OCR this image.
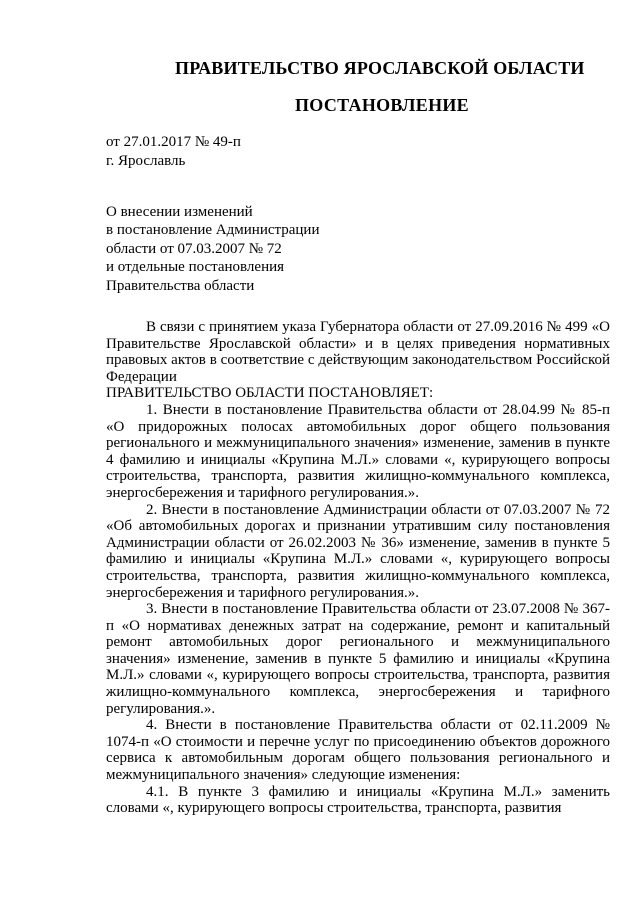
ПРАВИТЕЛЬСТВО ЯРОСЛАВСКОЙ ОБЛАСТИ
ПОСТАНОВЛЕНИЕ
от 27.01.2017 № 49-п
г. Ярославль
О внесении изменений
в постановление Администрации
области от 07.03.2007 № 72
и отдельные постановления
Правительства области

В связи с принятием указа Губернатора области от 27.09.2016 № 499 «О Правительстве Ярославской области» и в целях приведения нормативных правовых актов в соответствие с действующим законодательством Российской Федерации

ПРАВИТЕЛЬСТВО ОБЛАСТИ ПОСТАНОВЛЯЕТ:

1. Внести в постановление Правительства области от 28.04.99 № 85-п «О придорожных полосах автомобильных дорог общего пользования регионального и межмуниципального значения» изменение, заменив в пункте 4 фамилию и инициалы «Крупина М.Л.» словами «, курирующего вопросы строительства, транспорта, развития жилищно-коммунального комплекса, энергосбережения и тарифного регулирования.».

2. Внести в постановление Администрации области от 07.03.2007 № 72 «Об автомобильных дорогах и признании утратившим силу постановления Администрации области от 26.02.2003 № 36» изменение, заменив в пункте 5 фамилию и инициалы «Крупина М.Л.» словами «, курирующего вопросы строительства, транспорта, развития жилищно-коммунального комплекса, энергосбережения и тарифного регулирования.».

3. Внести в постановление Правительства области от 23.07.2008 № 367-п «О нормативах денежных затрат на содержание, ремонт и капитальный ремонт автомобильных дорог регионального и межмуниципального значения» изменение, заменив в пункте 5 фамилию и инициалы «Крупина М.Л.» словами «, курирующего вопросы строительства, транспорта, развития жилищно-коммунального комплекса, энергосбережения и тарифного регулирования.».

4. Внести в постановление Правительства области от 02.11.2009 № 1074-п «О стоимости и перечне услуг по присоединению объектов дорожного сервиса к автомобильным дорогам общего пользования регионального и межмуниципального значения» следующие изменения:

4.1. В пункте 3 фамилию и инициалы «Крупина М.Л.» заменить словами «, курирующего вопросы строительства, транспорта, развития
